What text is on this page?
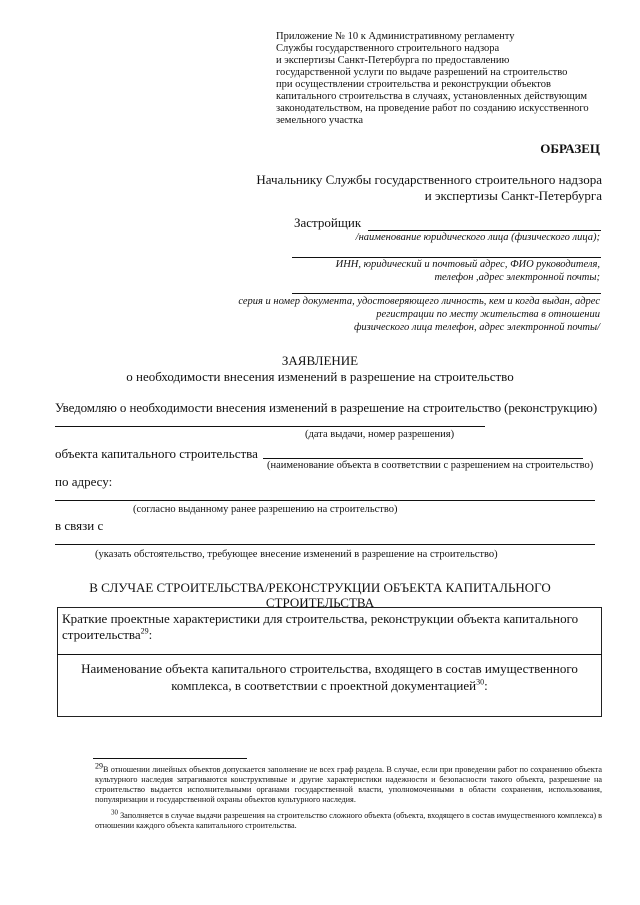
Приложение № 10 к Административному регламенту
Службы государственного строительного надзора
и экспертизы Санкт-Петербурга по предоставлению
государственной услуги по выдаче разрешений на строительство
при осуществлении строительства и реконструкции объектов
капитального строительства в случаях, установленных действующим
законодательством, на проведение работ по созданию искусственного
земельного участка
ОБРАЗЕЦ
Начальнику Службы государственного строительного надзора
и экспертизы Санкт-Петербурга
Застройщик
/наименование юридического лица (физического лица);
ИНН, юридический и почтовый адрес, ФИО руководителя,
телефон ,адрес электронной почты;
серия и номер документа, удостоверяющего личность, кем и когда выдан, адрес
регистрации по месту жительства в отношении
физического лица телефон, адрес электронной почты/
ЗАЯВЛЕНИЕ
о необходимости внесения изменений в разрешение на строительство
Уведомляю о необходимости внесения изменений в разрешение на строительство (реконструкцию)
(дата выдачи, номер разрешения)
объекта капитального строительства
(наименование объекта в соответствии с разрешением на строительство)
по адресу:
(согласно выданному ранее разрешению на строительство)
в связи с
(указать обстоятельство, требующее внесение изменений в разрешение на строительство)
В СЛУЧАЕ СТРОИТЕЛЬСТВА/РЕКОНСТРУКЦИИ ОБЪЕКТА КАПИТАЛЬНОГО
СТРОИТЕЛЬСТВА
Краткие проектные характеристики для строительства, реконструкции объекта капитального
строительства$^{29}$:
Наименование объекта капитального строительства, входящего в состав имущественного
комплекса, в соответствии с проектной документацией$^{30}$:
$^{29}$В отношении линейных объектов допускается заполнение не всех граф раздела. В случае, если при проведении работ по сохранению объекта культурного наследия затрагиваются конструктивные и другие характеристики надежности и безопасности такого объекта, разрешение на строительство выдается исполнительными органами государственной власти, уполномоченными в области сохранения, использования, популяризации и государственной охраны объектов культурного наследия.
$^{30}$ Заполняется в случае выдачи разрешения на строительство сложного объекта (объекта, входящего в состав имущественного комплекса) в отношении каждого объекта капитального строительства.
